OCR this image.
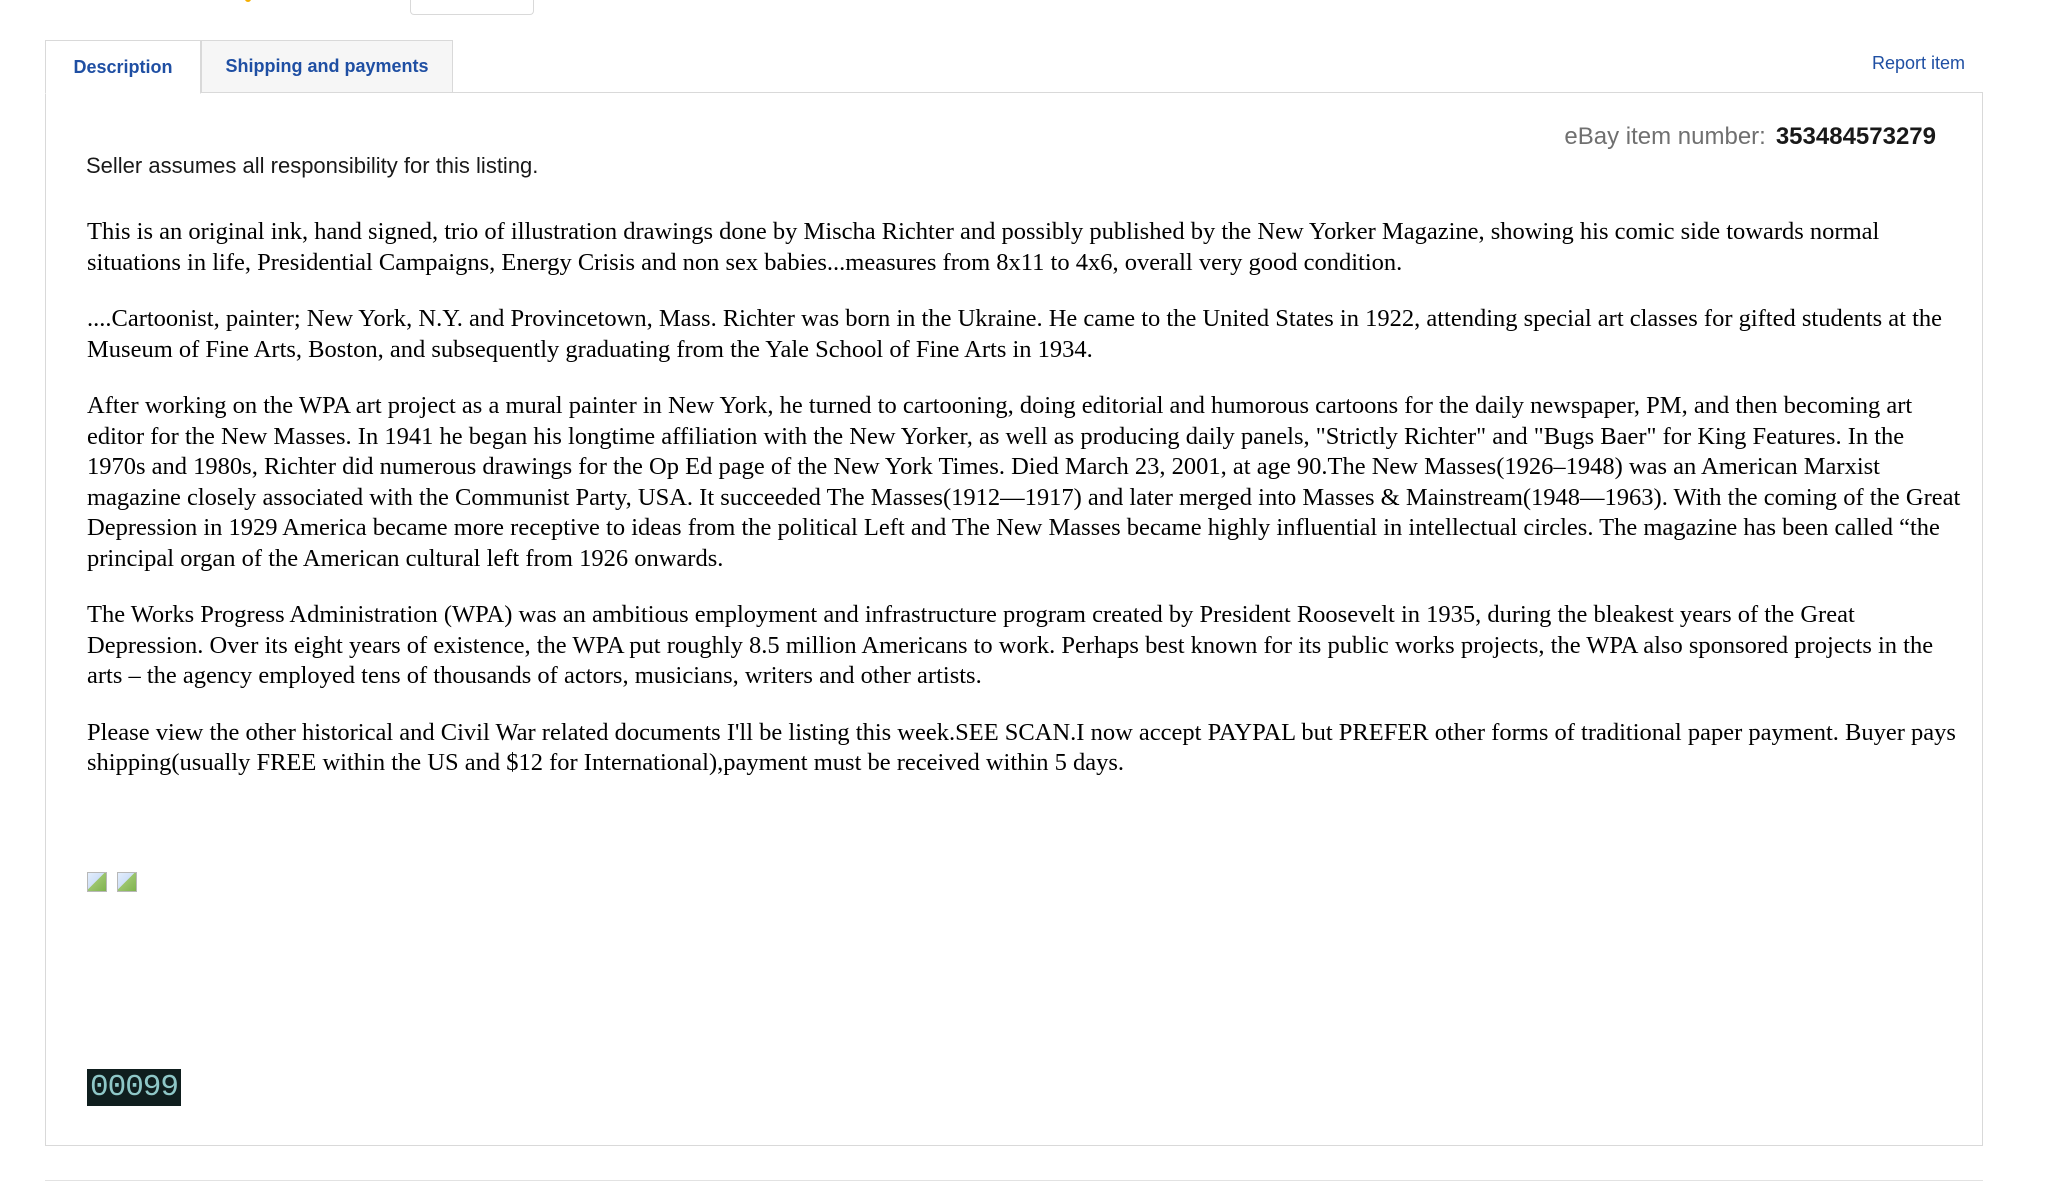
Description	Shipping and payments	Report item
eBay item number: 353484573279
Seller assumes all responsibility for this listing.

This is an original ink, hand signed, trio of illustration drawings done by Mischa Richter and possibly published by the New Yorker Magazine, showing his comic side towards normal situations in life, Presidential Campaigns, Energy Crisis and non sex babies...measures from 8x11 to 4x6, overall very good condition.

....Cartoonist, painter; New York, N.Y. and Provincetown, Mass. Richter was born in the Ukraine. He came to the United States in 1922, attending special art classes for gifted students at the Museum of Fine Arts, Boston, and subsequently graduating from the Yale School of Fine Arts in 1934.

After working on the WPA art project as a mural painter in New York, he turned to cartooning, doing editorial and humorous cartoons for the daily newspaper, PM, and then becoming art editor for the New Masses. In 1941 he began his longtime affiliation with the New Yorker, as well as producing daily panels, "Strictly Richter" and "Bugs Baer" for King Features. In the 1970s and 1980s, Richter did numerous drawings for the Op Ed page of the New York Times. Died March 23, 2001, at age 90.The New Masses(1926–1948) was an American Marxist magazine closely associated with the Communist Party, USA. It succeeded The Masses(1912—1917) and later merged into Masses & Mainstream(1948—1963). With the coming of the Great Depression in 1929 America became more receptive to ideas from the political Left and The New Masses became highly influential in intellectual circles. The magazine has been called “the principal organ of the American cultural left from 1926 onwards.

The Works Progress Administration (WPA) was an ambitious employment and infrastructure program created by President Roosevelt in 1935, during the bleakest years of the Great Depression. Over its eight years of existence, the WPA put roughly 8.5 million Americans to work. Perhaps best known for its public works projects, the WPA also sponsored projects in the arts – the agency employed tens of thousands of actors, musicians, writers and other artists.

Please view the other historical and Civil War related documents I'll be listing this week.SEE SCAN.I now accept PAYPAL but PREFER other forms of traditional paper payment. Buyer pays shipping(usually FREE within the US and $12 for International),payment must be received within 5 days.

00099
